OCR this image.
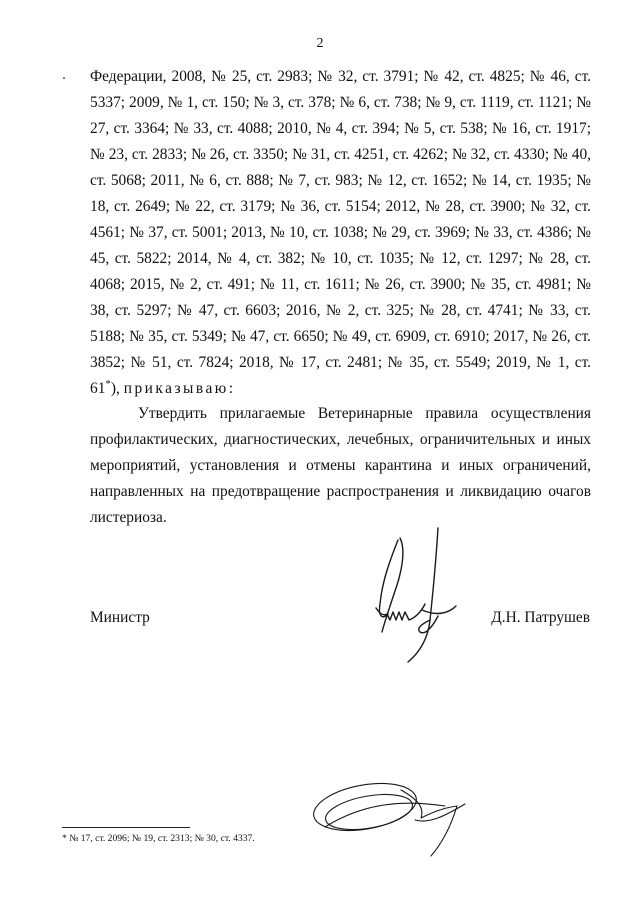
2

Федерации, 2008, № 25, ст. 2983; № 32, ст. 3791; № 42, ст. 4825; № 46, ст. 5337; 2009, № 1, ст. 150; № 3, ст. 378; № 6, ст. 738; № 9, ст. 1119, ст. 1121; № 27, ст. 3364; № 33, ст. 4088; 2010, № 4, ст. 394; № 5, ст. 538; № 16, ст. 1917; № 23, ст. 2833; № 26, ст. 3350; № 31, ст. 4251, ст. 4262; № 32, ст. 4330; № 40, ст. 5068; 2011, № 6, ст. 888; № 7, ст. 983; № 12, ст. 1652; № 14, ст. 1935; № 18, ст. 2649; № 22, ст. 3179; № 36, ст. 5154; 2012, № 28, ст. 3900; № 32, ст. 4561; № 37, ст. 5001; 2013, № 10, ст. 1038; № 29, ст. 3969; № 33, ст. 4386; № 45, ст. 5822; 2014, № 4, ст. 382; № 10, ст. 1035; № 12, ст. 1297; № 28, ст. 4068; 2015, № 2, ст. 491; № 11, ст. 1611; № 26, ст. 3900; № 35, ст. 4981; № 38, ст. 5297; № 47, ст. 6603; 2016, № 2, ст. 325; № 28, ст. 4741; № 33, ст. 5188; № 35, ст. 5349; № 47, ст. 6650; № 49, ст. 6909, ст. 6910; 2017, № 26, ст. 3852; № 51, ст. 7824; 2018, № 17, ст. 2481; № 35, ст. 5549; 2019, № 1, ст. 61*), приказываю:

Утвердить прилагаемые Ветеринарные правила осуществления профилактических, диагностических, лечебных, ограничительных и иных мероприятий, установления и отмены карантина и иных ограничений, направленных на предотвращение распространения и ликвидацию очагов листериоза.

Министр	Д.Н. Патрушев

* № 17, ст. 2096; № 19, ст. 2313; № 30, ст. 4337.
